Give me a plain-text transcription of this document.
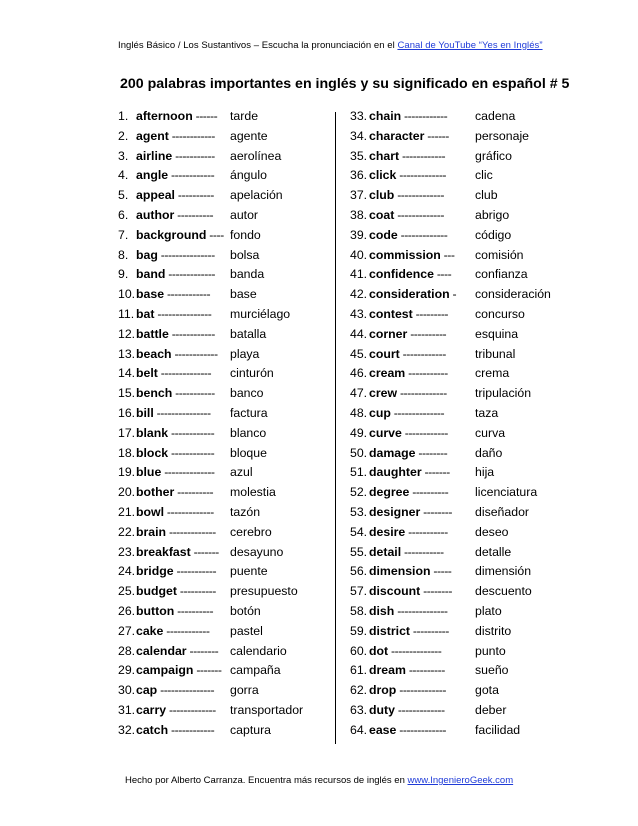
Inglés Básico / Los Sustantivos – Escucha la pronunciación en el Canal de YouTube “Yes en Inglés”
200 palabras importantes en inglés y su significado en español # 5
1. afternoon ------ tarde
2. agent ------------ agente
3. airline ----------- aerolínea
4. angle ------------ ángulo
5. appeal ---------- apelación
6. author ---------- autor
7. background ---- fondo
8. bag --------------- bolsa
9. band ------------- banda
10.base ------------ base
11. bat --------------- murciélago
12.battle ------------ batalla
13.beach ------------ playa
14.belt -------------- cinturón
15.bench ----------- banco
16.bill --------------- factura
17.blank ------------ blanco
18.block ------------ bloque
19.blue -------------- azul
20.bother ---------- molestia
21.bowl ------------- tazón
22.brain ------------- cerebro
23.breakfast ------- desayuno
24.bridge ----------- puente
25.budget ---------- presupuesto
26.button ---------- botón
27.cake ------------ pastel
28.calendar -------- calendario
29.campaign ------- campaña
30.cap --------------- gorra
31.carry ------------- transportador
32.catch ------------ captura
33. chain ------------ cadena
34. character ------ personaje
35. chart ------------ gráfico
36. click ------------- clic
37. club -------------	club
38. coat -------------	abrigo
39. code ------------- código
40. commission --- comisión
41. confidence ---- confianza
42. consideration - consideración
43. contest --------- concurso
44. corner ---------- esquina
45. court ------------ tribunal
46. cream ----------- crema
47. crew ------------- tripulación
48. cup --------------	taza
49. curve ------------ curva
50. damage -------- daño
51. daughter ------- hija
52. degree ---------- licenciatura
53. designer -------- diseñador
54. desire ----------- deseo
55. detail -----------	detalle
56. dimension ----- dimensión
57. discount -------- descuento
58. dish -------------- plato
59. district ---------- distrito
60. dot --------------	punto
61. dream ---------- sueño
62. drop ------------- gota
63. duty ------------- deber
64. ease ------------- facilidad
Hecho por Alberto Carranza. Encuentra más recursos de inglés en www.IngenieroGeek.com
